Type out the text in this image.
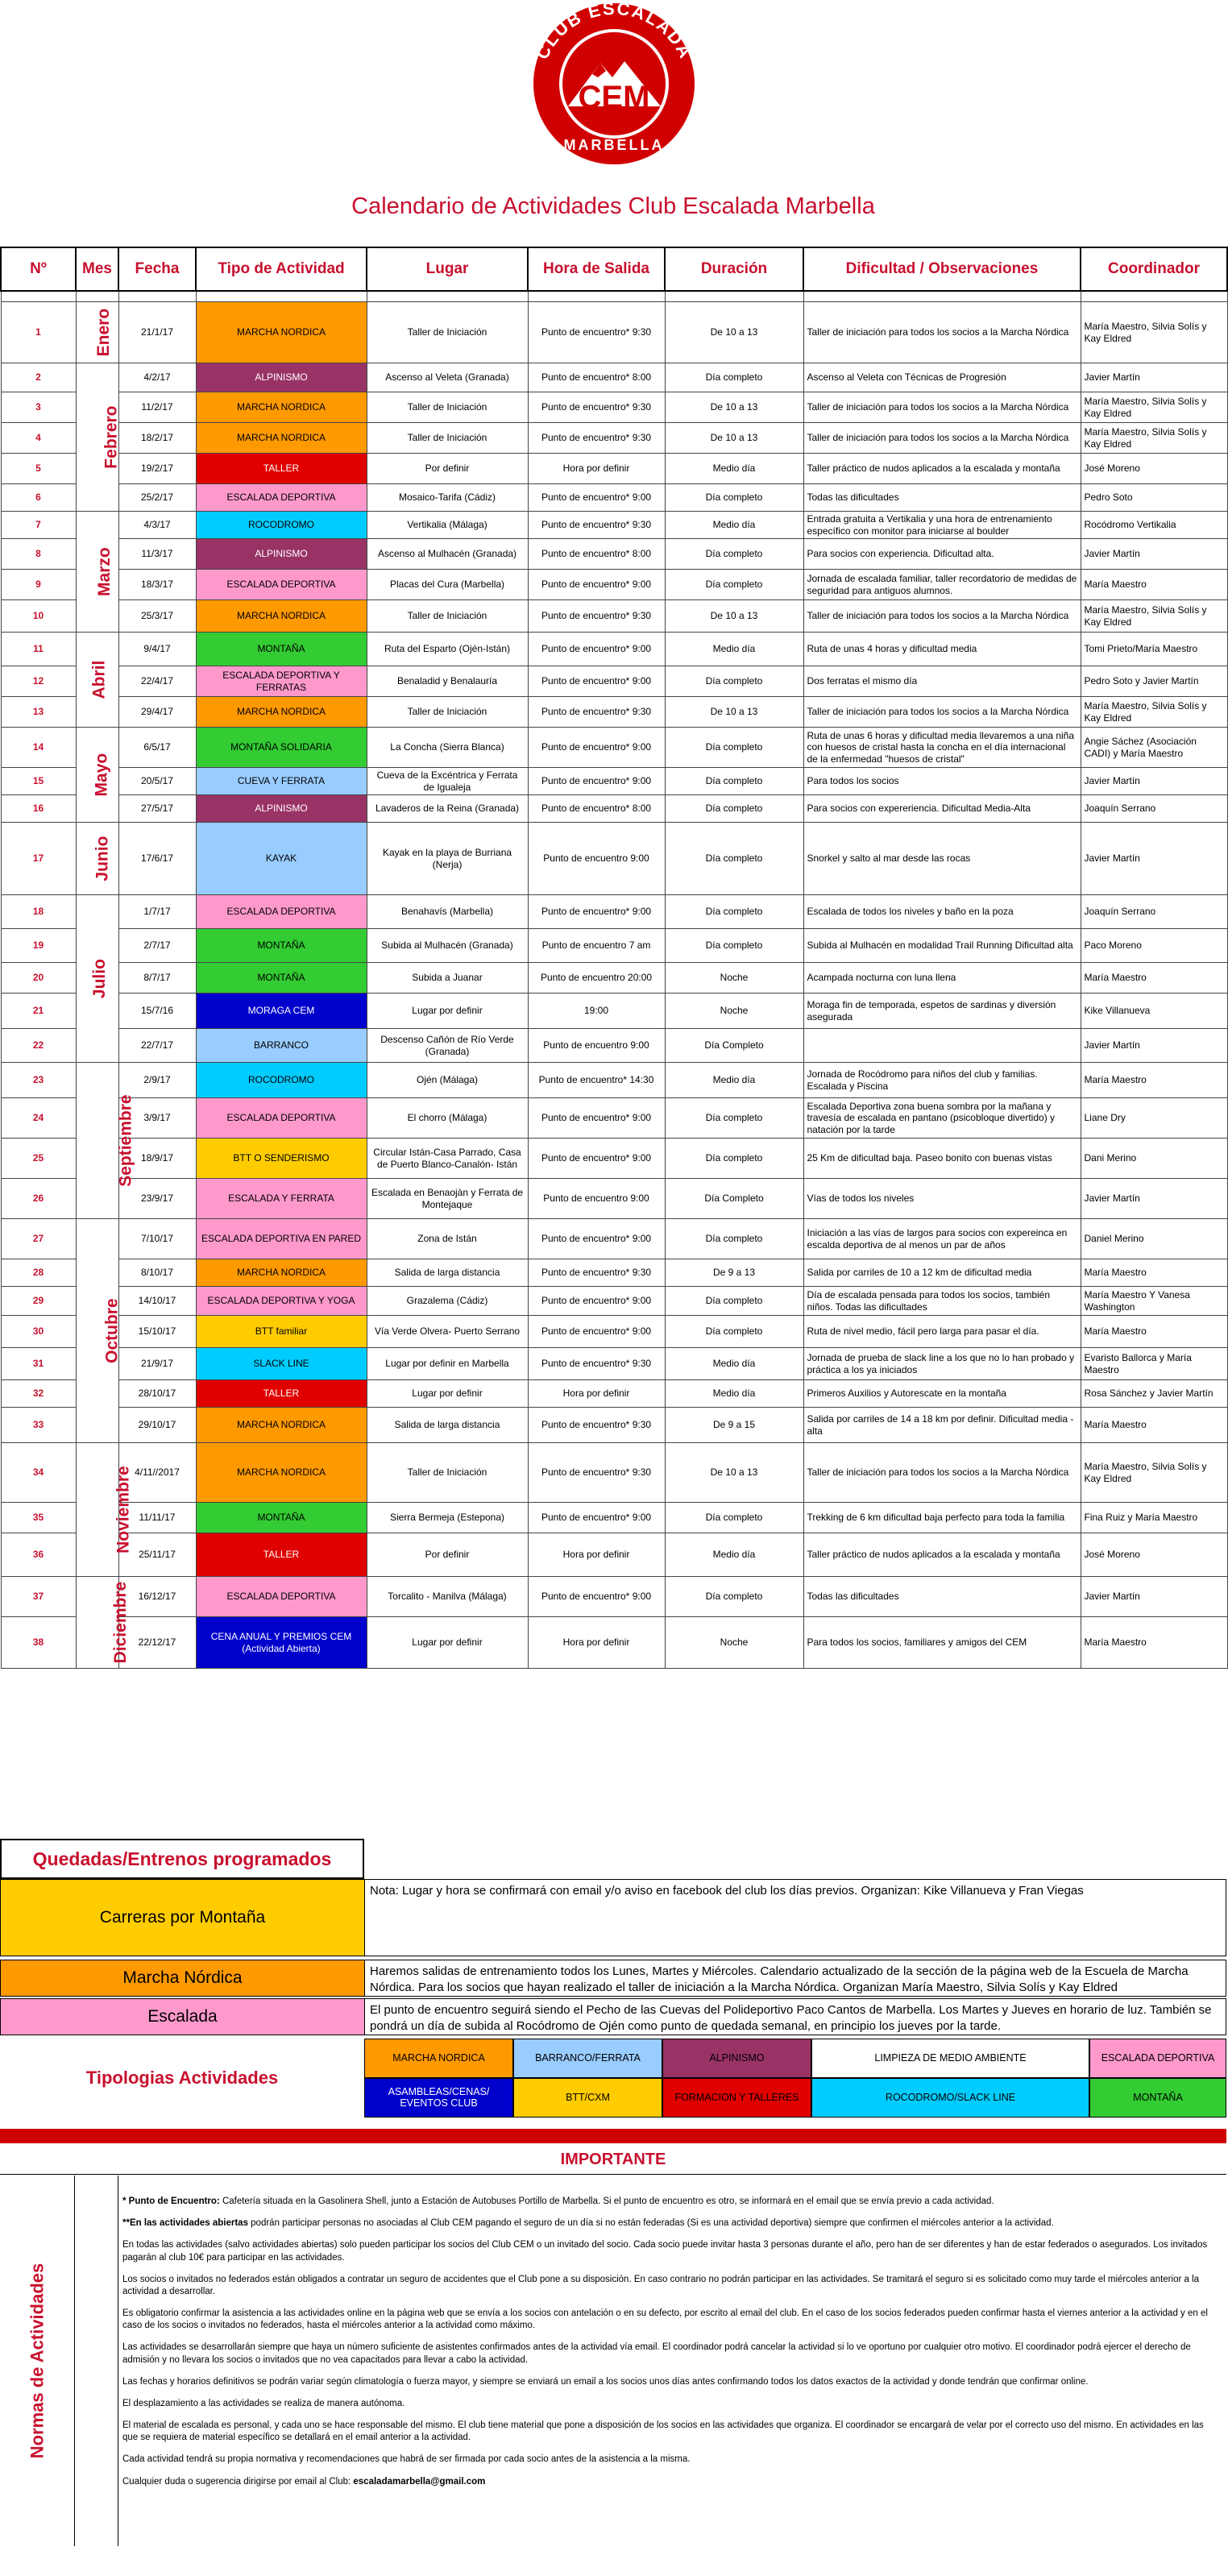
CLUB ESCALADA
CEM
MARBELLA
Calendario de Actividades Club Escalada Marbella
Nº	Mes	Fecha	Tipo de Actividad	Lugar	Hora de Salida	Duración	Dificultad / Observaciones	Coordinador

1	Enero	21/1/17	MARCHA NORDICA	Taller de Iniciación	Punto de encuentro* 9:30	De 10 a 13	Taller de iniciación para todos los socios a la Marcha Nórdica	María Maestro, Silvia Solís y Kay Eldred
2	Febrero	4/2/17	ALPINISMO	Ascenso al Veleta (Granada)	Punto de encuentro* 8:00	Día completo	Ascenso al Veleta con Técnicas de Progresión	Javier Martín
3		11/2/17	MARCHA NORDICA	Taller de Iniciación	Punto de encuentro* 9:30	De 10 a 13	Taller de iniciación para todos los socios a la Marcha Nórdica	María Maestro, Silvia Solís y Kay Eldred
4		18/2/17	MARCHA NORDICA	Taller de Iniciación	Punto de encuentro* 9:30	De 10 a 13	Taller de iniciación para todos los socios a la Marcha Nórdica	María Maestro, Silvia Solís y Kay Eldred
5		19/2/17	TALLER	Por definir	Hora por definir	Medio día	Taller práctico de nudos aplicados a la escalada y montaña	José Moreno
6		25/2/17	ESCALADA DEPORTIVA	Mosaico-Tarifa (Cádiz)	Punto de encuentro* 9:00	Día completo	Todas las dificultades	Pedro Soto
7	Marzo	4/3/17	ROCODROMO	Vertikalia (Málaga)	Punto de encuentro* 9:30	Medio día	Entrada gratuita a Vertikalia y una hora de entrenamiento específico con monitor para iniciarse al boulder	Rocódromo Vertikalia
8		11/3/17	ALPINISMO	Ascenso al Mulhacén (Granada)	Punto de encuentro* 8:00	Día completo	Para socios con experiencia. Dificultad alta.	Javier Martín
9		18/3/17	ESCALADA DEPORTIVA	Placas del Cura (Marbella)	Punto de encuentro* 9:00	Día completo	Jornada de escalada familiar, taller recordatorio de medidas de seguridad para antiguos alumnos.	María Maestro
10		25/3/17	MARCHA NORDICA	Taller de Iniciación	Punto de encuentro* 9:30	De 10 a 13	Taller de iniciación para todos los socios a la Marcha Nórdica	María Maestro, Silvia Solís y Kay Eldred
11	Abril	9/4/17	MONTAÑA	Ruta del Esparto (Ojén-Istán)	Punto de encuentro* 9:00	Medio día	Ruta de unas 4 horas y dificultad media	Tomi Prieto/María Maestro
12		22/4/17	ESCALADA DEPORTIVA Y FERRATAS	Benaladid y Benalauría	Punto de encuentro* 9:00	Día completo	Dos ferratas el mismo día	Pedro Soto y Javier Martín
13		29/4/17	MARCHA NORDICA	Taller de Iniciación	Punto de encuentro* 9:30	De 10 a 13	Taller de iniciación para todos los socios a la Marcha Nórdica	María Maestro, Silvia Solís y Kay Eldred
14	Mayo	6/5/17	MONTAÑA SOLIDARIA	La Concha (Sierra Blanca)	Punto de encuentro* 9:00	Día completo	Ruta de unas 6 horas y dificultad media llevaremos a una niña con huesos de cristal hasta la concha en el día internacional de la enfermedad "huesos de cristal"	Angie Sáchez (Asociación CADI) y María Maestro
15		20/5/17	CUEVA Y FERRATA	Cueva de la Excéntrica y Ferrata de Igualeja	Punto de encuentro* 9:00	Día completo	Para todos los socios	Javier Martín
16		27/5/17	ALPINISMO	Lavaderos de la Reina (Granada)	Punto de encuentro* 8:00	Día completo	Para socios con expereriencia. Dificultad Media-Alta	Joaquín Serrano
17	Junio	17/6/17	KAYAK	Kayak en la playa de Burriana (Nerja)	Punto de encuentro 9:00	Día completo	Snorkel y salto al mar desde las rocas	Javier Martín
18	Julio	1/7/17	ESCALADA DEPORTIVA	Benahavís (Marbella)	Punto de encuentro* 9:00	Día completo	Escalada de todos los niveles y baño en la poza	Joaquín Serrano
19		2/7/17	MONTAÑA	Subida al Mulhacén (Granada)	Punto de encuentro 7 am	Día completo	Subida al Mulhacén en modalidad Trail Running Dificultad alta	Paco Moreno
20		8/7/17	MONTAÑA	Subida a Juanar	Punto de encuentro 20:00	Noche	Acampada nocturna con luna llena	María Maestro
21		15/7/16	MORAGA CEM	Lugar por definir	19:00	Noche	Moraga fin de temporada, espetos de sardinas y diversión asegurada	Kike Villanueva
22		22/7/17	BARRANCO	Descenso Cañón de Río Verde (Granada)	Punto de encuentro 9:00	Día Completo		Javier Martín
23	Septiembre	2/9/17	ROCODROMO	Ojén (Málaga)	Punto de encuentro* 14:30	Medio día	Jornada de Rocódromo para niños del club y familias. Escalada y Piscina	María Maestro
24		3/9/17	ESCALADA DEPORTIVA	El chorro (Málaga)	Punto de encuentro* 9:00	Día completo	Escalada Deportiva zona buena sombra por la mañana y travesía de escalada en pantano (psicobloque divertido) y natación por la tarde	Liane Dry
25		18/9/17	BTT O SENDERISMO	Circular Istán-Casa Parrado, Casa de Puerto Blanco-Canalón- Istán	Punto de encuentro* 9:00	Día completo	25 Km de dificultad baja. Paseo bonito con buenas vistas	Dani Merino
26		23/9/17	ESCALADA Y FERRATA	Escalada en Benaojàn y Ferrata de Montejaque	Punto de encuentro 9:00	Día Completo	Vías de todos los niveles	Javier Martín
27	Octubre	7/10/17	ESCALADA DEPORTIVA EN PARED	Zona de Istán	Punto de encuentro* 9:00	Día completo	Iniciación a las vías de largos para socios con expereinca en escalda deportiva de al menos un par de años	Daniel Merino
28		8/10/17	MARCHA NORDICA	Salida de larga distancia	Punto de encuentro* 9:30	De 9 a 13	Salida por carriles de 10 a 12 km de dificultad media	María Maestro
29		14/10/17	ESCALADA DEPORTIVA Y YOGA	Grazalema (Cádiz)	Punto de encuentro* 9:00	Día completo	Día de escalada pensada para todos los socios, también niños. Todas las dificultades	María Maestro Y Vanesa Washington
30		15/10/17	BTT familiar	Vía Verde Olvera- Puerto Serrano	Punto de encuentro* 9:00	Día completo	Ruta de nivel medio, fácil pero larga para pasar el día.	María Maestro
31		21/9/17	SLACK LINE	Lugar por definir en Marbella	Punto de encuentro* 9:30	Medio día	Jornada de prueba de slack line a los que no lo han probado y práctica a los ya iniciados	Evaristo Ballorca y María Maestro
32		28/10/17	TALLER	Lugar por definir	Hora por definir	Medio día	Primeros Auxilios y Autorescate en la montaña	Rosa Sánchez y Javier Martín
33		29/10/17	MARCHA NORDICA	Salida de larga distancia	Punto de encuentro* 9:30	De 9 a 15	Salida por carriles de 14 a 18 km por definir. Dificultad media - alta	María Maestro
34	Noviembre	4/11//2017	MARCHA NORDICA	Taller de Iniciación	Punto de encuentro* 9:30	De 10 a 13	Taller de iniciación para todos los socios a la Marcha Nórdica	María Maestro, Silvia Solís y Kay Eldred
35		11/11/17	MONTAÑA	Sierra Bermeja (Estepona)	Punto de encuentro* 9:00	Día completo	Trekking de 6 km dificultad baja perfecto para toda la familia	Fina Ruiz y María Maestro
36		25/11/17	TALLER	Por definir	Hora por definir	Medio día	Taller práctico de nudos aplicados a la escalada y montaña	José Moreno
37	Diciembre	16/12/17	ESCALADA DEPORTIVA	Torcalito - Manilva (Málaga)	Punto de encuentro* 9:00	Día completo	Todas las dificultades	Javier Martín
38		22/12/17	CENA ANUAL Y PREMIOS CEM (Actividad Abierta)	Lugar por definir	Hora por definir	Noche	Para todos los socios, familiares y amigos del CEM	María Maestro
Quedadas/Entrenos programados
Carreras por Montaña
Nota: Lugar y hora se confirmará con email y/o aviso en facebook del club los días previos. Organizan: Kike Villanueva y Fran Viegas
Marcha Nórdica	Haremos salidas de entrenamiento todos los Lunes, Martes y Miércoles. Calendario actualizado de la sección de la página web de la Escuela de Marcha Nórdica. Para los socios que hayan realizado el taller de iniciación a la Marcha Nórdica. Organizan María Maestro, Silvia Solís y Kay Eldred
Escalada	El punto de encuentro seguirá siendo el Pecho de las Cuevas del Polideportivo Paco Cantos de Marbella. Los Martes y Jueves en horario de luz. También se pondrá un día de subida al Rocódromo de Ojén como punto de quedada semanal, en principio los jueves por la tarde.
Tipologias Actividades
MARCHA NORDICA	BARRANCO/FERRATA	ALPINISMO	LIMPIEZA DE MEDIO AMBIENTE	ESCALADA DEPORTIVA
ASAMBLEAS/CENAS/ EVENTOS CLUB	BTT/CXM	FORMACION Y TALLERES	ROCODROMO/SLACK LINE	MONTAÑA
IMPORTANTE
Normas de Actividades

* Punto de Encuentro: Cafetería situada en la Gasolinera Shell, junto a Estación de Autobuses Portillo de Marbella. Si el punto de encuentro es otro, se informará en el email que se envía previo a cada actividad.

**En las actividades abiertas podrán participar personas no asociadas al Club CEM pagando el seguro de un día si no están federadas (Si es una actividad deportiva) siempre que confirmen el miércoles anterior a la actividad.

En todas las actividades (salvo actividades abiertas) solo pueden participar los socios del Club CEM o un invitado del socio. Cada socio puede invitar hasta 3 personas durante el año, pero han de ser diferentes y han de estar federados o asegurados. Los invitados pagarán al club 10€ para participar en las actividades.

Los socios o invitados no federados están obligados a contratar un seguro de accidentes que el Club pone a su disposición. En caso contrario no podrán participar en las actividades. Se tramitará el seguro si es solicitado como muy tarde el miércoles anterior a la actividad a desarrollar.

Es obligatorio confirmar la asistencia a las actividades online en la página web que se envía a los socios con antelación o en su defecto, por escrito al email del club. En el caso de los socios federados pueden confirmar hasta el viernes anterior a la actividad y en el caso de los socios o invitados no federados, hasta el miércoles anterior a la actividad como máximo.

Las actividades se desarrollarán siempre que haya un número suficiente de asistentes confirmados antes de la actividad vía email. El coordinador podrá cancelar la actividad si lo ve oportuno por cualquier otro motivo. El coordinador podrá ejercer el derecho de admisión y no llevara los socios o invitados que no vea capacitados para llevar a cabo la actividad.

Las fechas y horarios definitivos se podrán variar según climatología o fuerza mayor, y siempre se enviará un email a los socios unos días antes confirmando todos los datos exactos de la actividad y donde tendrán que confirmar online.

El desplazamiento a las actividades se realiza de manera autónoma.

El material de escalada es personal, y cada uno se hace responsable del mismo. El club tiene material que pone a disposición de los socios en las actividades que organiza. El coordinador se encargará de velar por el correcto uso del mismo. En actividades en las que se requiera de material específico se detallará en el email anterior a la actividad.

Cada actividad tendrá su propia normativa y recomendaciones que habrá de ser firmada por cada socio antes de la asistencia a la misma.

Cualquier duda o sugerencia dirigirse por email al Club: escaladamarbella@gmail.com
